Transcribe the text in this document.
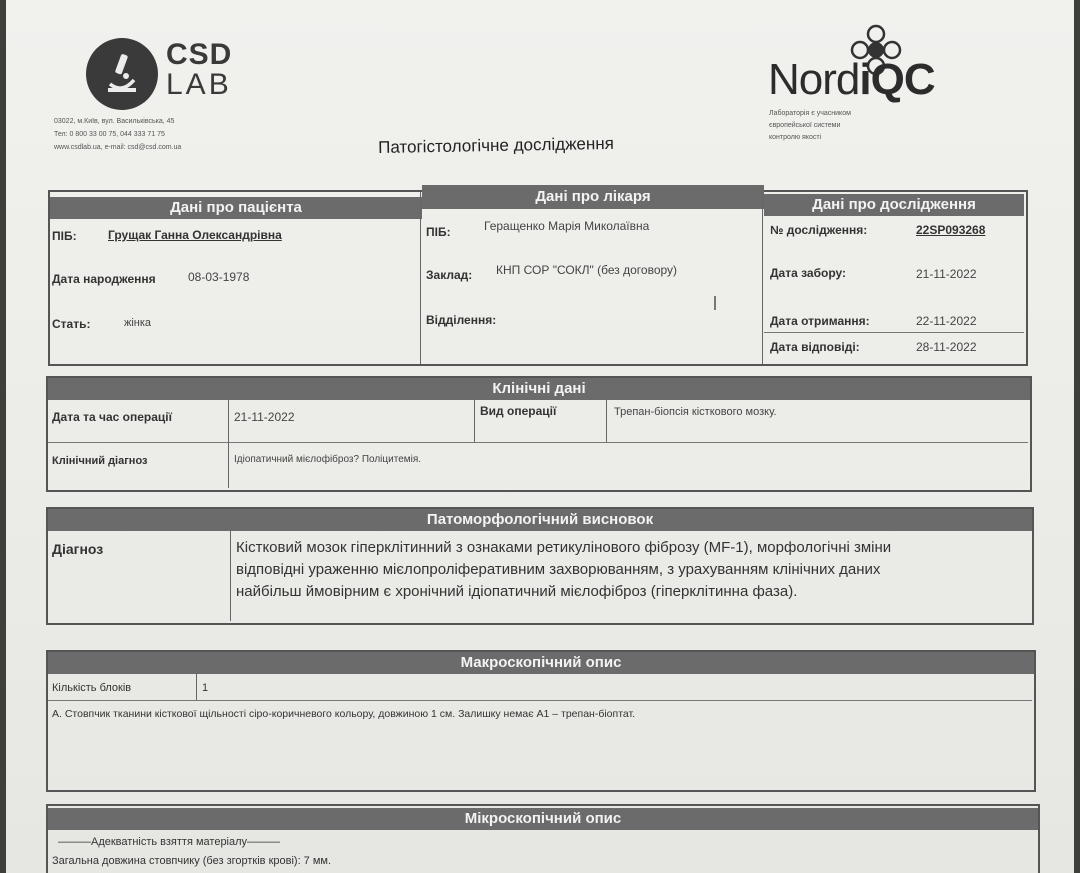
CSD
LAB
03022, м.Київ, вул. Васильківська, 45
Тел: 0 800 33 00 75, 044 333 71 75
www.csdlab.ua, e-mail: csd@csd.com.ua
NordiQC
Лабораторія є учасником
європейської системи
контролю якості
Патогістологічне дослідження
Дані про пацієнта
Дані про лікаря	Дані про дослідження
ПІБ:	Грущак Ганна Олександрівна
Дата народження	08-03-1978
Стать:	жінка
ПІБ:	Геращенко Марія Миколаївна
Заклад: КНП СОР "СОКЛ" (без договору)
Відділення:
№ дослідження:	22SP093268
Дата забору:	21-11-2022
Дата отримання:	22-11-2022
Дата відповіді:	28-11-2022
Клінічні дані
Дата та час операції	21-11-2022	Вид операції	Трепан-біопсія кісткового мозку.
Клінічний діагноз	Ідіопатичний мієлофіброз? Поліцитемія.
Патоморфологічний висновок
Діагноз	Кістковий мозок гіперклітинний з ознаками ретикулінового фіброзу (MF-1), морфологічні зміни
відповідні ураженню мієлопроліферативним захворюванням, з урахуванням клінічних даних
найбільш ймовірним є хронічний ідіопатичний мієлофіброз (гіперклітинна фаза).
Макроскопічний опис
Кількість блоків	1
А. Стовпчик тканини кісткової щільності сіро-коричневого кольору, довжиною 1 см. Залишку немає А1 – трепан-біоптат.
Мікроскопічний опис
———Адекватність взяття матеріалу———
Загальна довжина стовпчику (без згортків крові): 7 мм.
